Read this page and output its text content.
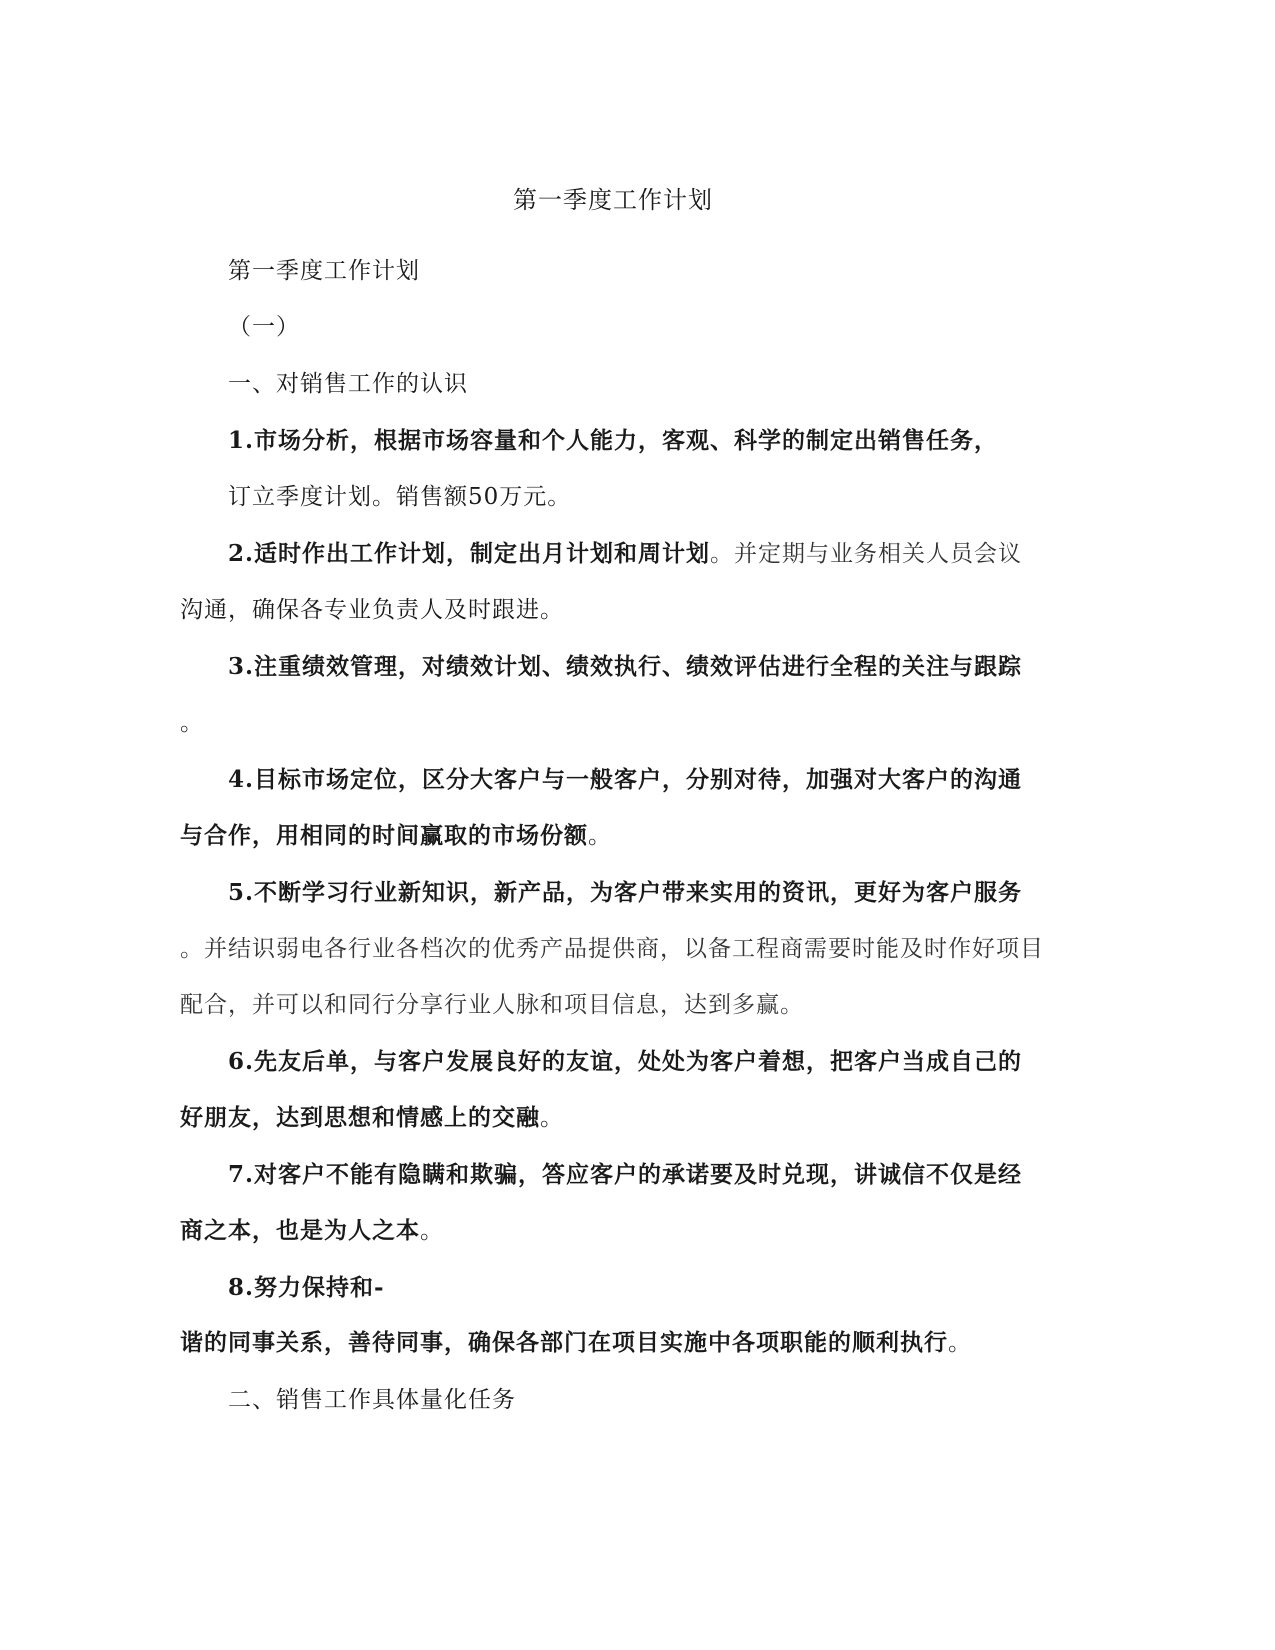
第一季度工作计划
第一季度工作计划
（一）
一、对销售工作的认识
1.市场分析，根据市场容量和个人能力，客观、科学的制定出销售任务，
订立季度计划。销售额50万元。
2.适时作出工作计划，制定出月计划和周计划。并定期与业务相关人员会议
沟通，确保各专业负责人及时跟进。
3.注重绩效管理，对绩效计划、绩效执行、绩效评估进行全程的关注与跟踪
。
4.目标市场定位，区分大客户与一般客户，分别对待，加强对大客户的沟通
与合作，用相同的时间赢取的市场份额。
5.不断学习行业新知识，新产品，为客户带来实用的资讯，更好为客户服务
。并结识弱电各行业各档次的优秀产品提供商，以备工程商需要时能及时作好项目
配合，并可以和同行分享行业人脉和项目信息，达到多赢。
6.先友后单，与客户发展良好的友谊，处处为客户着想，把客户当成自己的
好朋友，达到思想和情感上的交融。
7.对客户不能有隐瞒和欺骗，答应客户的承诺要及时兑现，讲诚信不仅是经
商之本，也是为人之本。
8.努力保持和-
谐的同事关系，善待同事，确保各部门在项目实施中各项职能的顺利执行。
二、销售工作具体量化任务
